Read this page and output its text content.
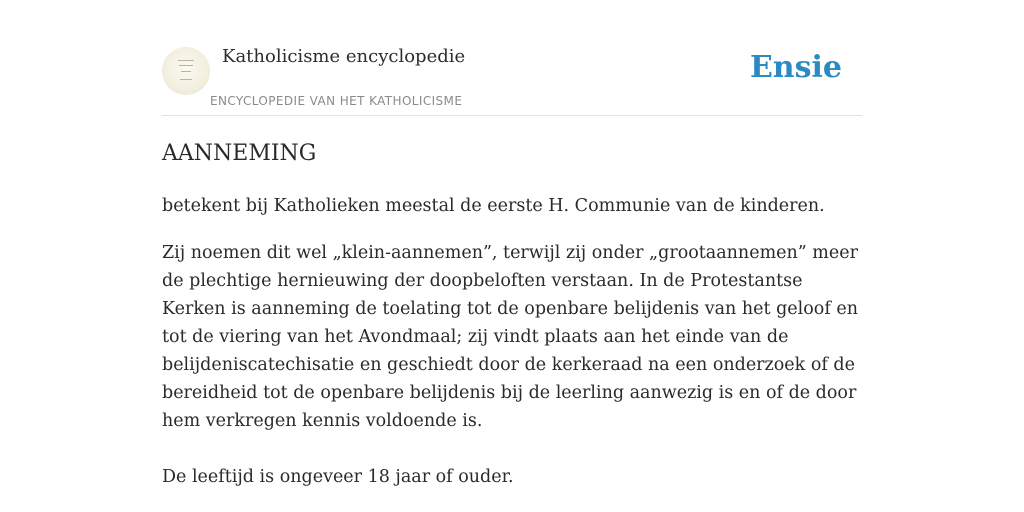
Katholicisme encyclopedie
ENCYCLOPEDIE VAN HET KATHOLICISME
Ensie
AANNEMING

betekent bij Katholieken meestal de eerste H. Communie van de kinderen.

Zij noemen dit wel „klein-aannemen”, terwijl zij onder „grootaannemen” meer de plechtige hernieuwing der doopbeloften verstaan. In de Protestantse Kerken is aanneming de toelating tot de openbare belijdenis van het geloof en tot de viering van het Avondmaal; zij vindt plaats aan het einde van de belijdeniscatechisatie en geschiedt door de kerkeraad na een onderzoek of de bereidheid tot de openbare belijdenis bij de leerling aanwezig is en of de door hem verkregen kennis voldoende is.

De leeftijd is ongeveer 18 jaar of ouder.
